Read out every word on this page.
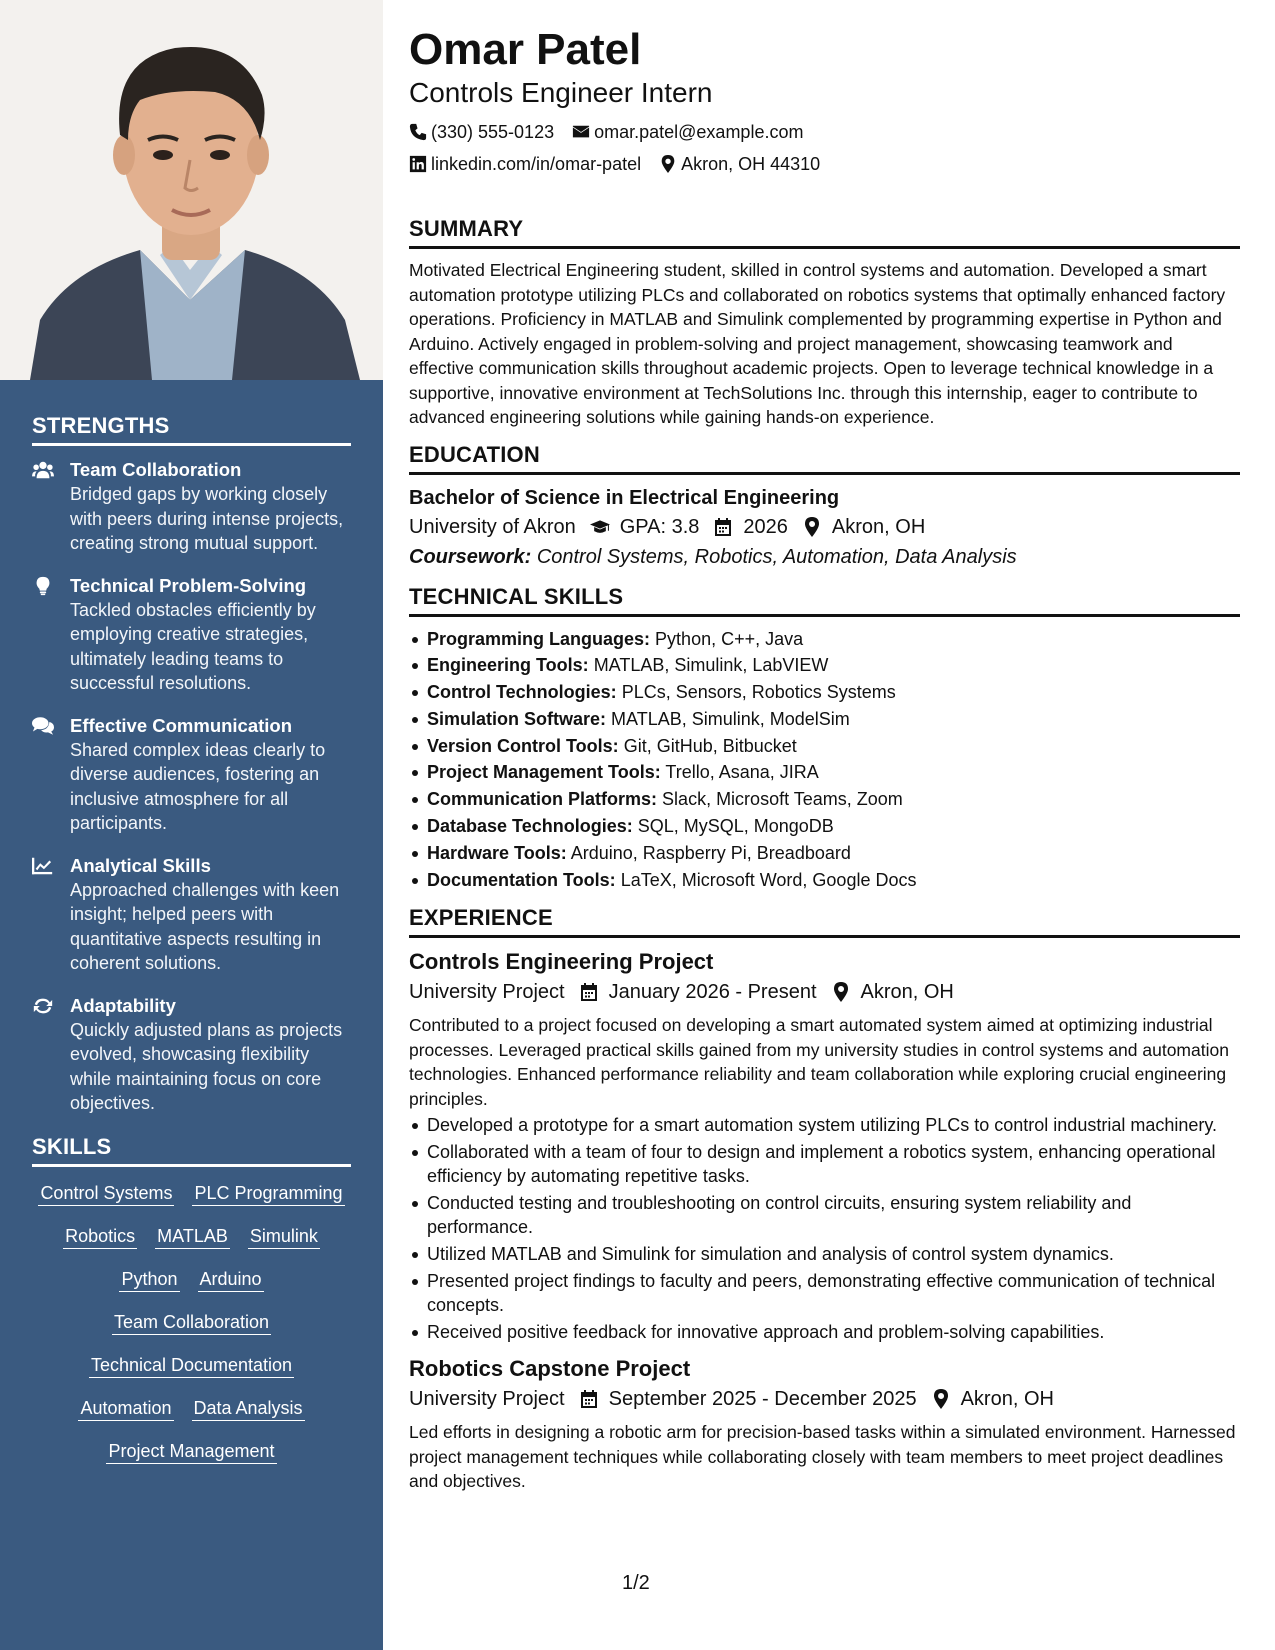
STRENGTHS
Team Collaboration
Bridged gaps by working closely with peers during intense projects, creating strong mutual support.
Technical Problem-Solving
Tackled obstacles efficiently by employing creative strategies, ultimately leading teams to successful resolutions.
Effective Communication
Shared complex ideas clearly to diverse audiences, fostering an inclusive atmosphere for all participants.
Analytical Skills
Approached challenges with keen insight; helped peers with quantitative aspects resulting in coherent solutions.
Adaptability
Quickly adjusted plans as projects evolved, showcasing flexibility while maintaining focus on core objectives.
SKILLS
Control Systems PLC Programming
Robotics MATLAB Simulink
Python Arduino
Team Collaboration
Technical Documentation
Automation Data Analysis
Project Management
Omar Patel
Controls Engineer Intern
(330) 555-0123 omar.patel@example.com
linkedin.com/in/omar-patel Akron, OH 44310
SUMMARY
Motivated Electrical Engineering student, skilled in control systems and automation. Developed a smart automation prototype utilizing PLCs and collaborated on robotics systems that optimally enhanced factory operations. Proficiency in MATLAB and Simulink complemented by programming expertise in Python and Arduino. Actively engaged in problem-solving and project management, showcasing teamwork and effective communication skills throughout academic projects. Open to leverage technical knowledge in a supportive, innovative environment at TechSolutions Inc. through this internship, eager to contribute to advanced engineering solutions while gaining hands-on experience.
EDUCATION
Bachelor of Science in Electrical Engineering
University of Akron GPA: 3.8 2026 Akron, OH
Coursework: Control Systems, Robotics, Automation, Data Analysis
TECHNICAL SKILLS
Programming Languages: Python, C++, Java
Engineering Tools: MATLAB, Simulink, LabVIEW
Control Technologies: PLCs, Sensors, Robotics Systems
Simulation Software: MATLAB, Simulink, ModelSim
Version Control Tools: Git, GitHub, Bitbucket
Project Management Tools: Trello, Asana, JIRA
Communication Platforms: Slack, Microsoft Teams, Zoom
Database Technologies: SQL, MySQL, MongoDB
Hardware Tools: Arduino, Raspberry Pi, Breadboard
Documentation Tools: LaTeX, Microsoft Word, Google Docs
EXPERIENCE
Controls Engineering Project
University Project January 2026 - Present Akron, OH
Contributed to a project focused on developing a smart automated system aimed at optimizing industrial processes. Leveraged practical skills gained from my university studies in control systems and automation technologies. Enhanced performance reliability and team collaboration while exploring crucial engineering principles.
Developed a prototype for a smart automation system utilizing PLCs to control industrial machinery.
Collaborated with a team of four to design and implement a robotics system, enhancing operational efficiency by automating repetitive tasks.
Conducted testing and troubleshooting on control circuits, ensuring system reliability and performance.
Utilized MATLAB and Simulink for simulation and analysis of control system dynamics.
Presented project findings to faculty and peers, demonstrating effective communication of technical concepts.
Received positive feedback for innovative approach and problem-solving capabilities.
Robotics Capstone Project
University Project September 2025 - December 2025 Akron, OH
Led efforts in designing a robotic arm for precision-based tasks within a simulated environment. Harnessed project management techniques while collaborating closely with team members to meet project deadlines and objectives.
1/2
